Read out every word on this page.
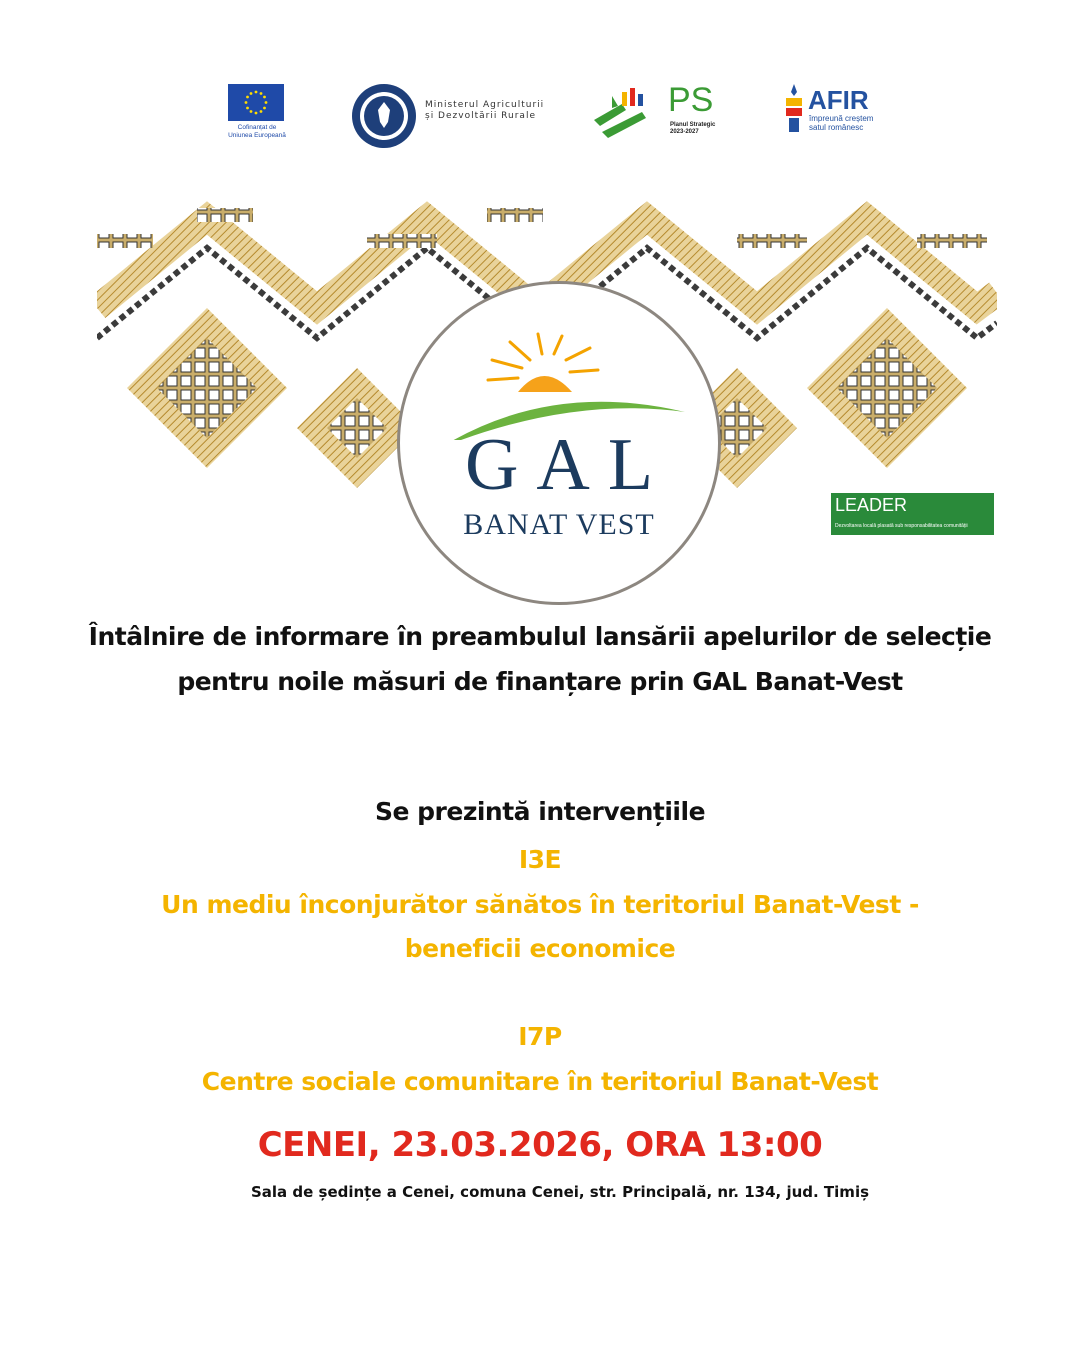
Cofinanțat de
Uniunea Europeană
Ministerul Agriculturii
și Dezvoltării Rurale	PS
Planul Strategic
2023-2027
AFIR
împreună creștem
satul românesc
GAL
BANAT VEST
LEADER
Dezvoltarea locală plasată sub responsabilitatea comunității
Întâlnire de informare în preambulul lansării apelurilor de selecție pentru noile măsuri de finanțare prin GAL Banat-Vest
Se prezintă intervențiile
I3E
Un mediu înconjurător sănătos în teritoriul Banat-Vest - beneficii economice
I7P
Centre sociale comunitare în teritoriul Banat-Vest
CENEI, 23.03.2026, ORA 13:00
Sala de ședințe a Cenei, comuna Cenei, str. Principală, nr. 134, jud. Timiș
